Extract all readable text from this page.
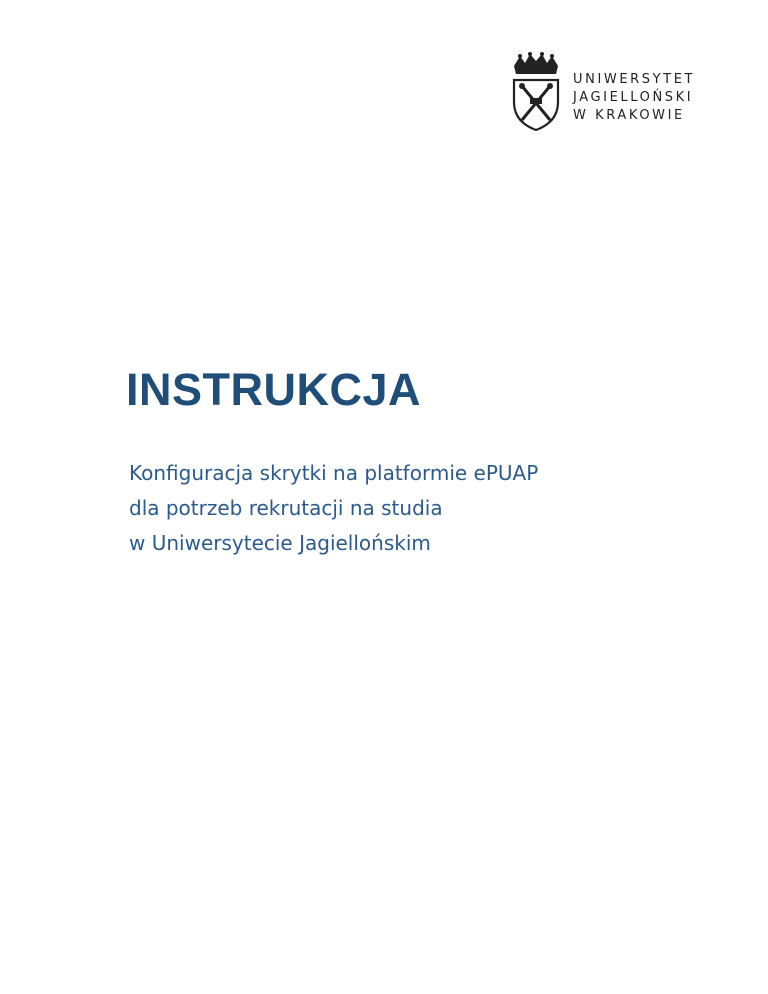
UNIWERSYTET
JAGIELLOŃSKI
W KRAKOWIE
INSTRUKCJA
Konfiguracja skrytki na platformie ePUAP
dla potrzeb rekrutacji na studia
w Uniwersytecie Jagiellońskim
